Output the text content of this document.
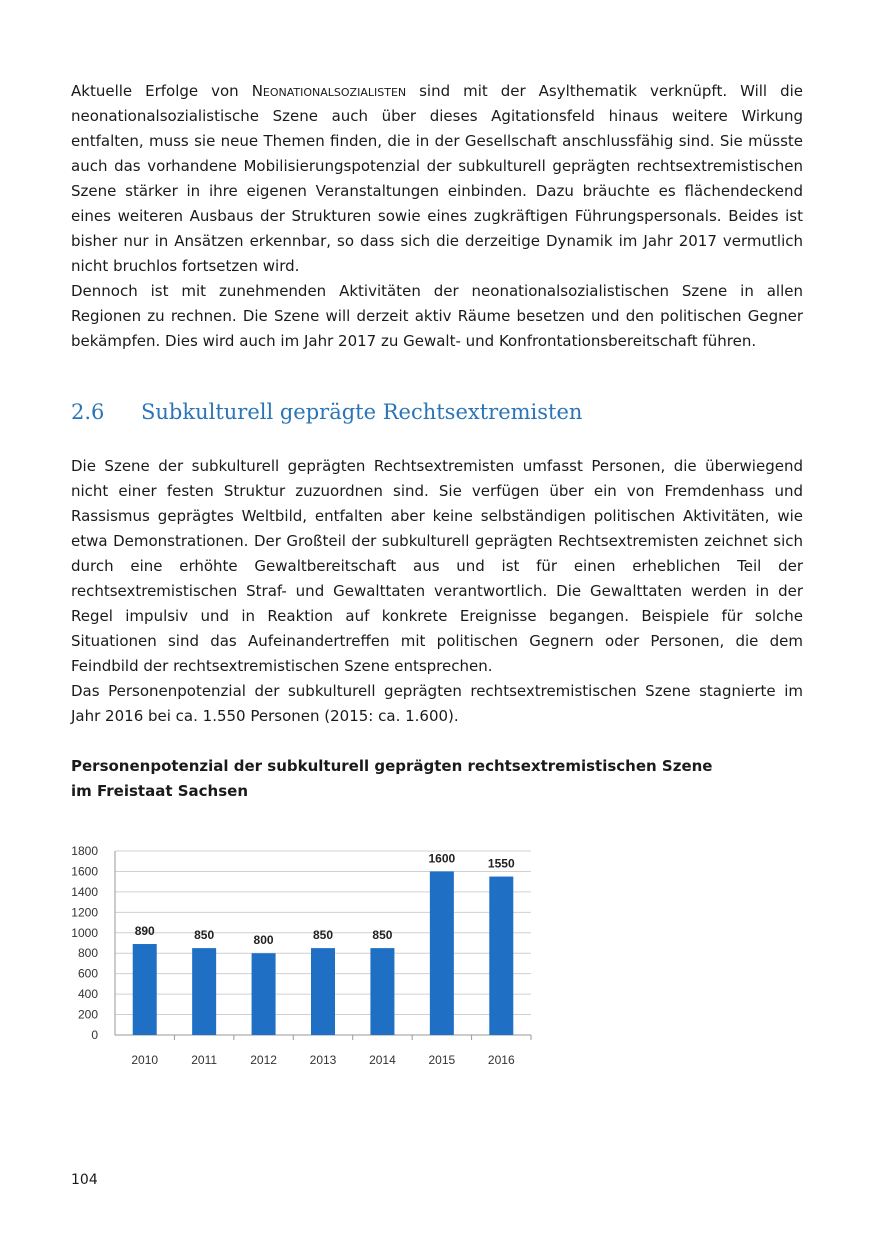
Aktuelle Erfolge von Neonationalsozialisten sind mit der Asylthematik verknüpft. Will die neonationalsozialistische Szene auch über dieses Agitationsfeld hinaus weitere Wirkung entfalten, muss sie neue Themen finden, die in der Gesellschaft anschlussfähig sind. Sie müsste auch das vorhandene Mobilisierungspotenzial der subkulturell geprägten rechtsextremistischen Szene stärker in ihre eigenen Veranstaltungen einbinden. Dazu bräuchte es flächendeckend eines weiteren Ausbaus der Strukturen sowie eines zugkräftigen Führungspersonals. Beides ist bisher nur in Ansätzen erkennbar, so dass sich die derzeitige Dynamik im Jahr 2017 vermutlich nicht bruchlos fortsetzen wird.

Dennoch ist mit zunehmenden Aktivitäten der neonationalsozialistischen Szene in allen Regionen zu rechnen. Die Szene will derzeit aktiv Räume besetzen und den politischen Gegner bekämpfen. Dies wird auch im Jahr 2017 zu Gewalt- und Konfrontationsbereitschaft führen.

2.6 Subkulturell geprägte Rechtsextremisten

Die Szene der subkulturell geprägten Rechtsextremisten umfasst Personen, die überwiegend nicht einer festen Struktur zuzuordnen sind. Sie verfügen über ein von Fremdenhass und Rassismus geprägtes Weltbild, entfalten aber keine selbständigen politischen Aktivitäten, wie etwa Demonstrationen. Der Großteil der subkulturell geprägten Rechtsextremisten zeichnet sich durch eine erhöhte Gewaltbereitschaft aus und ist für einen erheblichen Teil der rechtsextremistischen Straf- und Gewalttaten verantwortlich. Die Gewalttaten werden in der Regel impulsiv und in Reaktion auf konkrete Ereignisse begangen. Beispiele für solche Situationen sind das Aufeinandertreffen mit politischen Gegnern oder Personen, die dem Feindbild der rechtsextremistischen Szene entsprechen.

Das Personenpotenzial der subkulturell geprägten rechtsextremistischen Szene stagnierte im Jahr 2016 bei ca. 1.550 Personen (2015: ca. 1.600).

Personenpotenzial der subkulturell geprägten rechtsextremistischen Szene

im Freistaat Sachsen

0
200
400
600
800
1000
1200
1400
1600
1800
890
2010
850
2011
800
2012
850
2013
850
2014
1600
2015
1550
2016
104
